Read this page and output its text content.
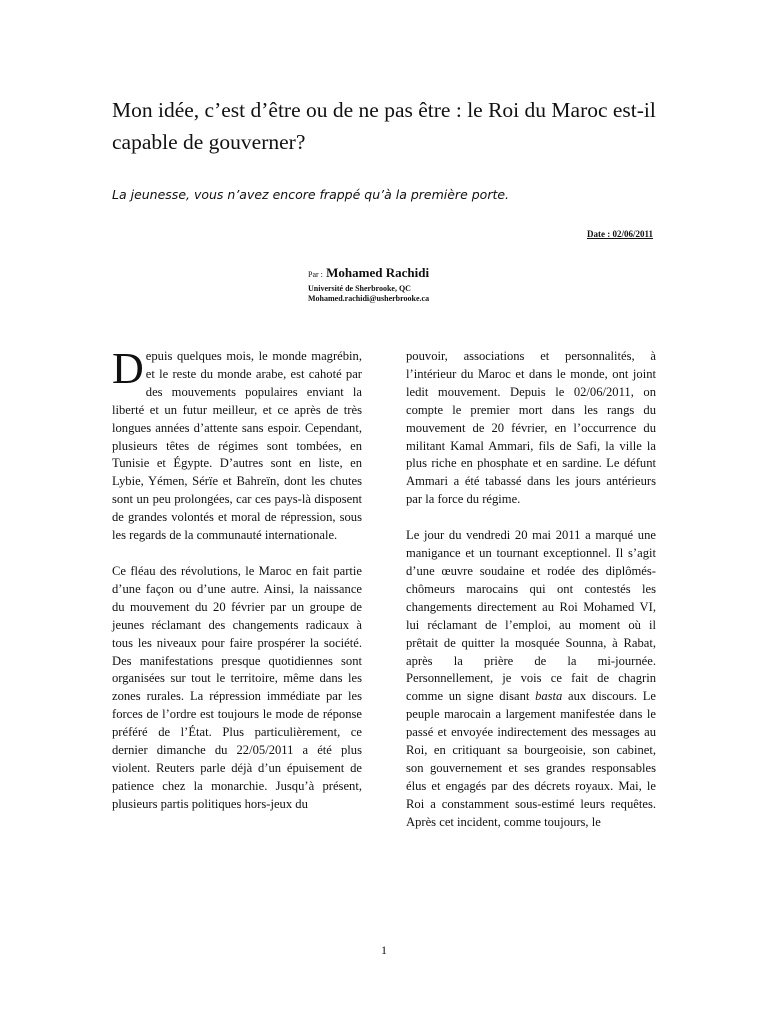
Mon idée, c’est d’être ou de ne pas être : le Roi du Maroc est-il capable de gouverner?

La jeunesse, vous n’avez encore frappé qu’à la première porte.

Date : 02/06/2011
Par : Mohamed Rachidi
Université de Sherbrooke, QC
Mohamed.rachidi@usherbrooke.ca

Depuis quelques mois, le monde magrébin, et le reste du monde arabe, est cahoté par des mouvements populaires enviant la liberté et un futur meilleur, et ce après de très longues années d’attente sans espoir. Cependant, plusieurs têtes de régimes sont tombées, en Tunisie et Égypte. D’autres sont en liste, en Lybie, Yémen, Sérïe et Bahreïn, dont les chutes sont un peu prolongées, car ces pays-là disposent de grandes volontés et moral de répression, sous les regards de la communauté internationale.

Ce fléau des révolutions, le Maroc en fait partie d’une façon ou d’une autre. Ainsi, la naissance du mouvement du 20 février par un groupe de jeunes réclamant des changements radicaux à tous les niveaux pour faire prospérer la société. Des manifestations presque quotidiennes sont organisées sur tout le territoire, même dans les zones rurales. La répression immédiate par les forces de l’ordre est toujours le mode de réponse préféré de l’État. Plus particulièrement, ce dernier dimanche du 22/05/2011 a été plus violent. Reuters parle déjà d’un épuisement de patience chez la monarchie. Jusqu’à présent, plusieurs partis politiques hors-jeux du

pouvoir, associations et personnalités, à l’intérieur du Maroc et dans le monde, ont joint ledit mouvement. Depuis le 02/06/2011, on compte le premier mort dans les rangs du mouvement de 20 février, en l’occurrence du militant Kamal Ammari, fils de Safi, la ville la plus riche en phosphate et en sardine. Le défunt Ammari a été tabassé dans les jours antérieurs par la force du régime.

Le jour du vendredi 20 mai 2011 a marqué une manigance et un tournant exceptionnel. Il s’agit d’une œuvre soudaine et rodée des diplômés-chômeurs marocains qui ont contestés les changements directement au Roi Mohamed VI, lui réclamant de l’emploi, au moment où il prêtait de quitter la mosquée Sounna, à Rabat, après la prière de la mi-journée. Personnellement, je vois ce fait de chagrin comme un signe disant basta aux discours. Le peuple marocain a largement manifestée dans le passé et envoyée indirectement des messages au Roi, en critiquant sa bourgeoisie, son cabinet, son gouvernement et ses grandes responsables élus et engagés par des décrets royaux. Mai, le Roi a constamment sous-estimé leurs requêtes. Après cet incident, comme toujours, le

1
